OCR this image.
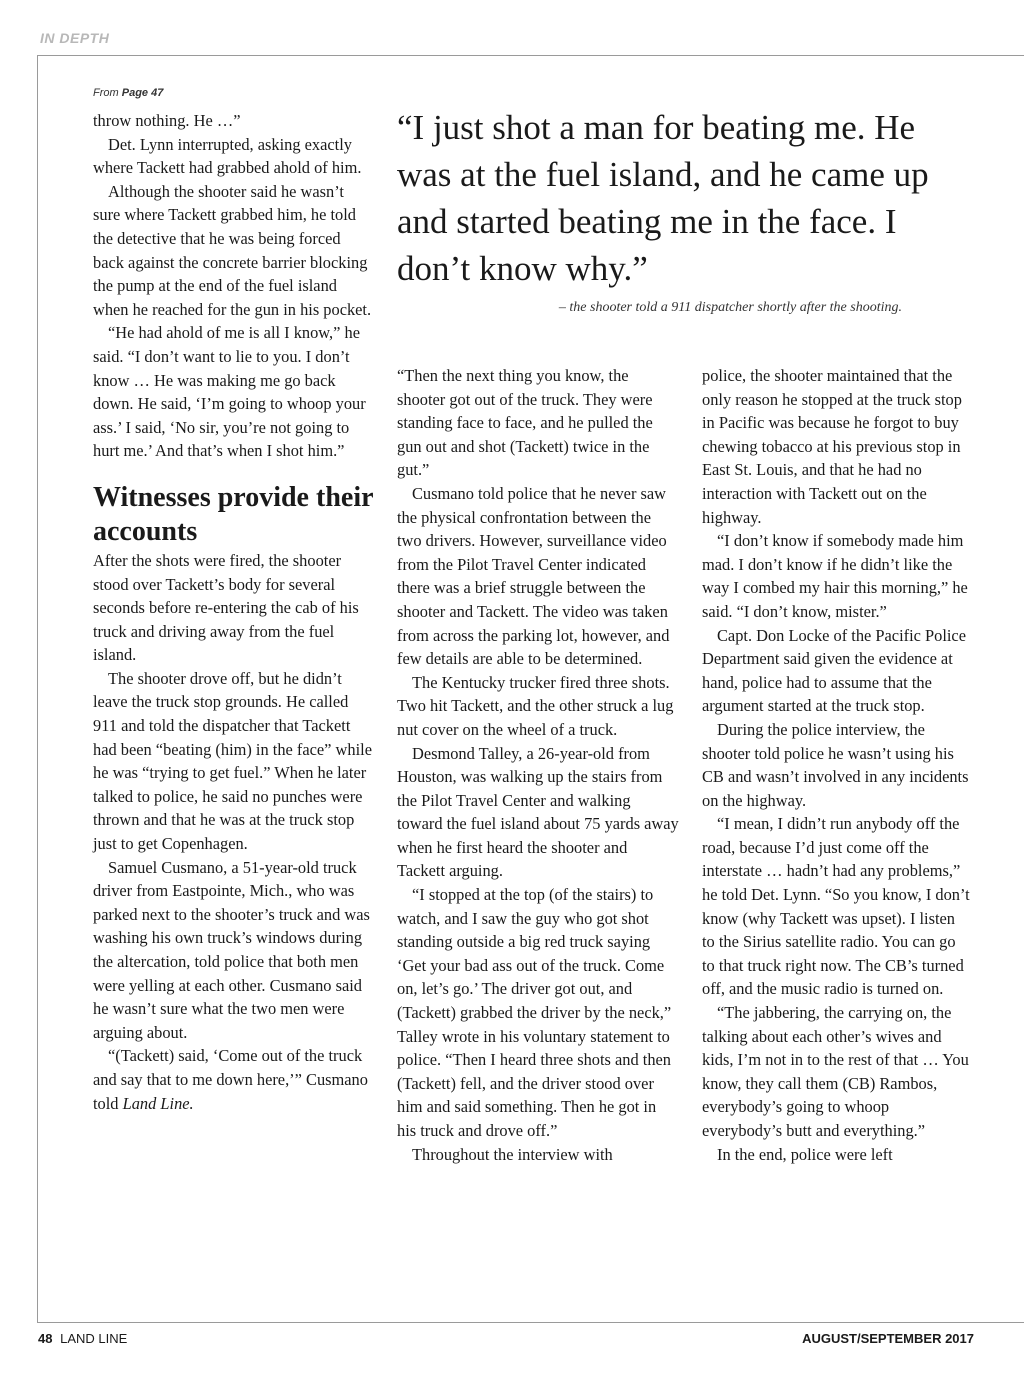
IN DEPTH
From Page 47

throw nothing. He …”

Det. Lynn interrupted, asking exactly where Tackett had grabbed ahold of him.

Although the shooter said he wasn’t sure where Tackett grabbed him, he told the detective that he was being forced back against the concrete barrier blocking the pump at the end of the fuel island when he reached for the gun in his pocket.

“He had ahold of me is all I know,” he said. “I don’t want to lie to you. I don’t know … He was making me go back down. He said, ‘I’m going to whoop your ass.’ I said, ‘No sir, you’re not going to hurt me.’ And that’s when I shot him.”

Witnesses provide their accounts

After the shots were fired, the shooter stood over Tackett’s body for several seconds before re-entering the cab of his truck and driving away from the fuel island.

The shooter drove off, but he didn’t leave the truck stop grounds. He called 911 and told the dispatcher that Tackett had been “beating (him) in the face” while he was “trying to get fuel.” When he later talked to police, he said no punches were thrown and that he was at the truck stop just to get Copenhagen.

Samuel Cusmano, a 51-year-old truck driver from Eastpointe, Mich., who was parked next to the shooter’s truck and was washing his own truck’s windows during the altercation, told police that both men were yelling at each other. Cusmano said he wasn’t sure what the two men were arguing about.

“(Tackett) said, ‘Come out of the truck and say that to me down here,’” Cusmano told Land Line.

“I just shot a man for beating me. He was at the fuel island, and he came up and started beating me in the face. I don’t know why.”
– the shooter told a 911 dispatcher shortly after the shooting.

“Then the next thing you know, the shooter got out of the truck. They were standing face to face, and he pulled the gun out and shot (Tackett) twice in the gut.”

Cusmano told police that he never saw the physical confrontation between the two drivers. However, surveillance video from the Pilot Travel Center indicated there was a brief struggle between the shooter and Tackett. The video was taken from across the parking lot, however, and few details are able to be determined.

The Kentucky trucker fired three shots. Two hit Tackett, and the other struck a lug nut cover on the wheel of a truck.

Desmond Talley, a 26-year-old from Houston, was walking up the stairs from the Pilot Travel Center and walking toward the fuel island about 75 yards away when he first heard the shooter and Tackett arguing.

“I stopped at the top (of the stairs) to watch, and I saw the guy who got shot standing outside a big red truck saying ‘Get your bad ass out of the truck. Come on, let’s go.’ The driver got out, and (Tackett) grabbed the driver by the neck,” Talley wrote in his voluntary statement to police. “Then I heard three shots and then (Tackett) fell, and the driver stood over him and said something. Then he got in his truck and drove off.”

Throughout the interview with

police, the shooter maintained that the only reason he stopped at the truck stop in Pacific was because he forgot to buy chewing tobacco at his previous stop in East St. Louis, and that he had no interaction with Tackett out on the highway.

“I don’t know if somebody made him mad. I don’t know if he didn’t like the way I combed my hair this morning,” he said. “I don’t know, mister.”

Capt. Don Locke of the Pacific Police Department said given the evidence at hand, police had to assume that the argument started at the truck stop.

During the police interview, the shooter told police he wasn’t using his CB and wasn’t involved in any incidents on the highway.

“I mean, I didn’t run anybody off the road, because I’d just come off the interstate … hadn’t had any problems,” he told Det. Lynn. “So you know, I don’t know (why Tackett was upset). I listen to the Sirius satellite radio. You can go to that truck right now. The CB’s turned off, and the music radio is turned on.

“The jabbering, the carrying on, the talking about each other’s wives and kids, I’m not in to the rest of that … You know, they call them (CB) Rambos, everybody’s going to whoop everybody’s butt and everything.”

In the end, police were left

48 LAND LINE	AUGUST/SEPTEMBER 2017
